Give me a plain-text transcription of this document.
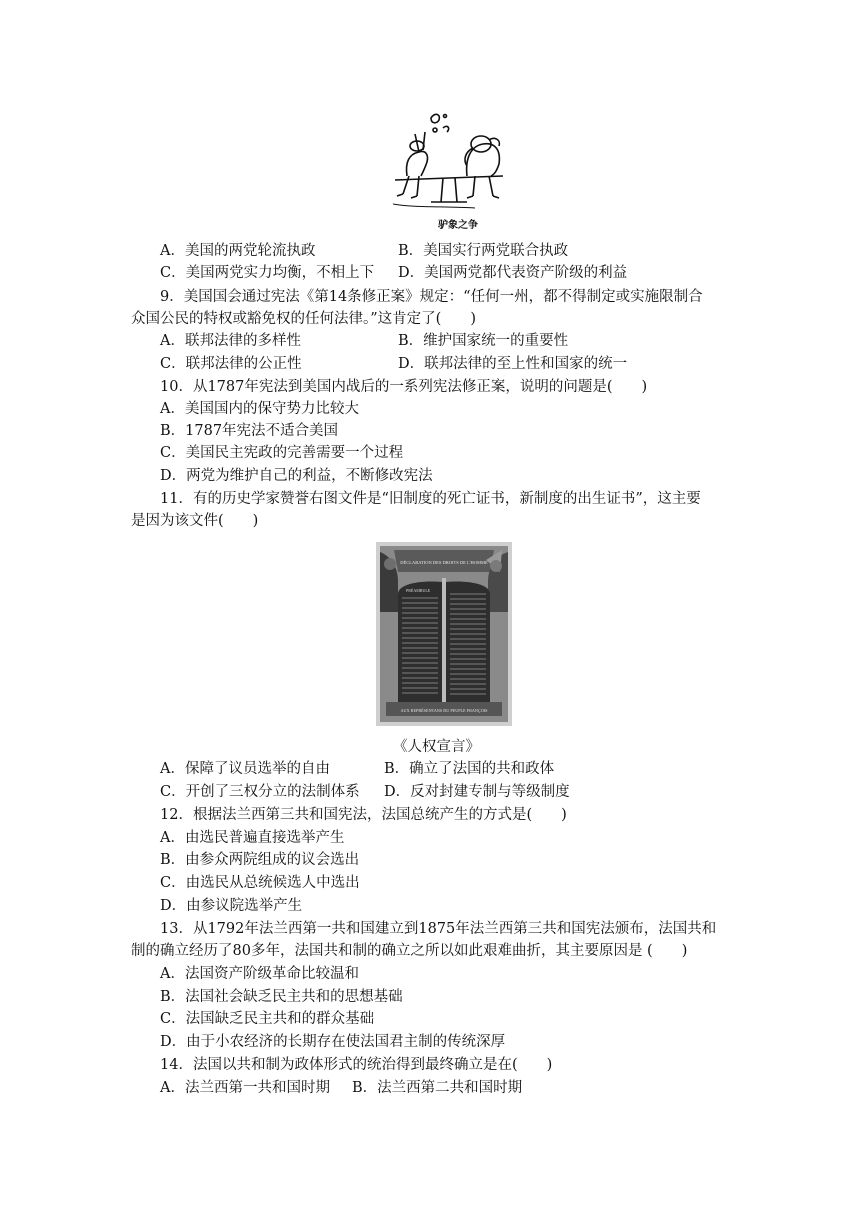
驴象之争
A．美国的两党轮流执政	B．美国实行两党联合执政
C．美国两党实力均衡，不相上下 D．美国两党都代表资产阶级的利益
9．美国国会通过宪法《第14条修正案》规定：“任何一州，都不得制定或实施限制合
众国公民的特权或豁免权的任何法律。”这肯定了(　　)
A．联邦法律的多样性	B．维护国家统一的重要性
C．联邦法律的公正性	D．联邦法律的至上性和国家的统一
10．从1787年宪法到美国内战后的一系列宪法修正案，说明的问题是(　　)
A．美国国内的保守势力比较大
B．1787年宪法不适合美国
C．美国民主宪政的完善需要一个过程
D．两党为维护自己的利益，不断修改宪法
11．有的历史学家赞誉右图文件是“旧制度的死亡证书，新制度的出生证书”，这主要
是因为该文件(　　)
DÉCLARATION DES DROITS DE L'HOMME
PRÉAMBULE
AUX REPRÉSENTANS DU PEUPLE FRANÇOIS
《人权宣言》
A．保障了议员选举的自由	B．确立了法国的共和政体
C．开创了三权分立的法制体系 D．反对封建专制与等级制度
12．根据法兰西第三共和国宪法，法国总统产生的方式是(　　)
A．由选民普遍直接选举产生
B．由参众两院组成的议会选出
C．由选民从总统候选人中选出
D．由参议院选举产生
13．从1792年法兰西第一共和国建立到1875年法兰西第三共和国宪法颁布，法国共和
制的确立经历了80多年，法国共和制的确立之所以如此艰难曲折，其主要原因是 (　　)
A．法国资产阶级革命比较温和
B．法国社会缺乏民主共和的思想基础
C．法国缺乏民主共和的群众基础
D．由于小农经济的长期存在使法国君主制的传统深厚
14．法国以共和制为政体形式的统治得到最终确立是在(　　)
A．法兰西第一共和国时期 B．法兰西第二共和国时期
